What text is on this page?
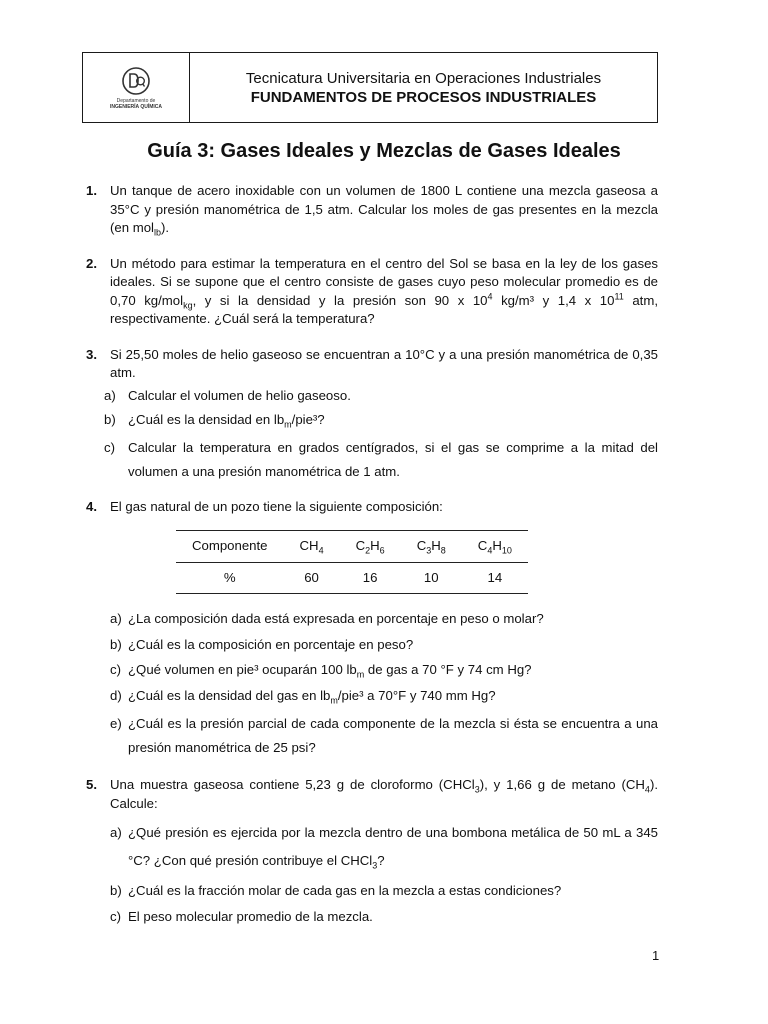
Departamento de
INGENIERÍA QUÍMICA
Tecnicatura Universitaria en Operaciones Industriales
FUNDAMENTOS DE PROCESOS INDUSTRIALES
Guía 3: Gases Ideales y Mezclas de Gases Ideales
1. Un tanque de acero inoxidable con un volumen de 1800 L contiene una mezcla gaseosa a 35°C y presión manométrica de 1,5 atm. Calcular los moles de gas presentes en la mezcla (en mol$_{lb}$).
2. Un método para estimar la temperatura en el centro del Sol se basa en la ley de los gases ideales. Si se supone que el centro consiste de gases cuyo peso molecular promedio es de 0,70 kg/mol$_{kg}$, y si la densidad y la presión son 90 x $10^4$ kg/m³ y 1,4 x $10^{11}$ atm, respectivamente. ¿Cuál será la temperatura?
3. Si 25,50 moles de helio gaseoso se encuentran a 10°C y a una presión manométrica de 0,35 atm.
a) Calcular el volumen de helio gaseoso.
b) ¿Cuál es la densidad en $lb_m$/pie³?
c) Calcular la temperatura en grados centígrados, si el gas se comprime a la mitad del volumen a una presión manométrica de 1 atm.
4. El gas natural de un pozo tiene la siguiente composición:
Componente	$CH_4$	$C_2H_6$	$C_3H_8$	$C_4H_{10}$
%	60	16	10	14
a) ¿La composición dada está expresada en porcentaje en peso o molar?
b) ¿Cuál es la composición en porcentaje en peso?
c) ¿Qué volumen en pie³ ocuparán 100 $lb_m$ de gas a 70 °F y 74 cm Hg?
d) ¿Cuál es la densidad del gas en $lb_m$/pie³ a 70°F y 740 mm Hg?
e) ¿Cuál es la presión parcial de cada componente de la mezcla si ésta se encuentra a una presión manométrica de 25 psi?
5. Una muestra gaseosa contiene 5,23 g de cloroformo (CHCl$_3$), y 1,66 g de metano $(CH_4)$. Calcule:
a) ¿Qué presión es ejercida por la mezcla dentro de una bombona metálica de 50 mL a 345 °C? ¿Con qué presión contribuye el CHCl$_3$?
b) ¿Cuál es la fracción molar de cada gas en la mezcla a estas condiciones?
c) El peso molecular promedio de la mezcla.
1
